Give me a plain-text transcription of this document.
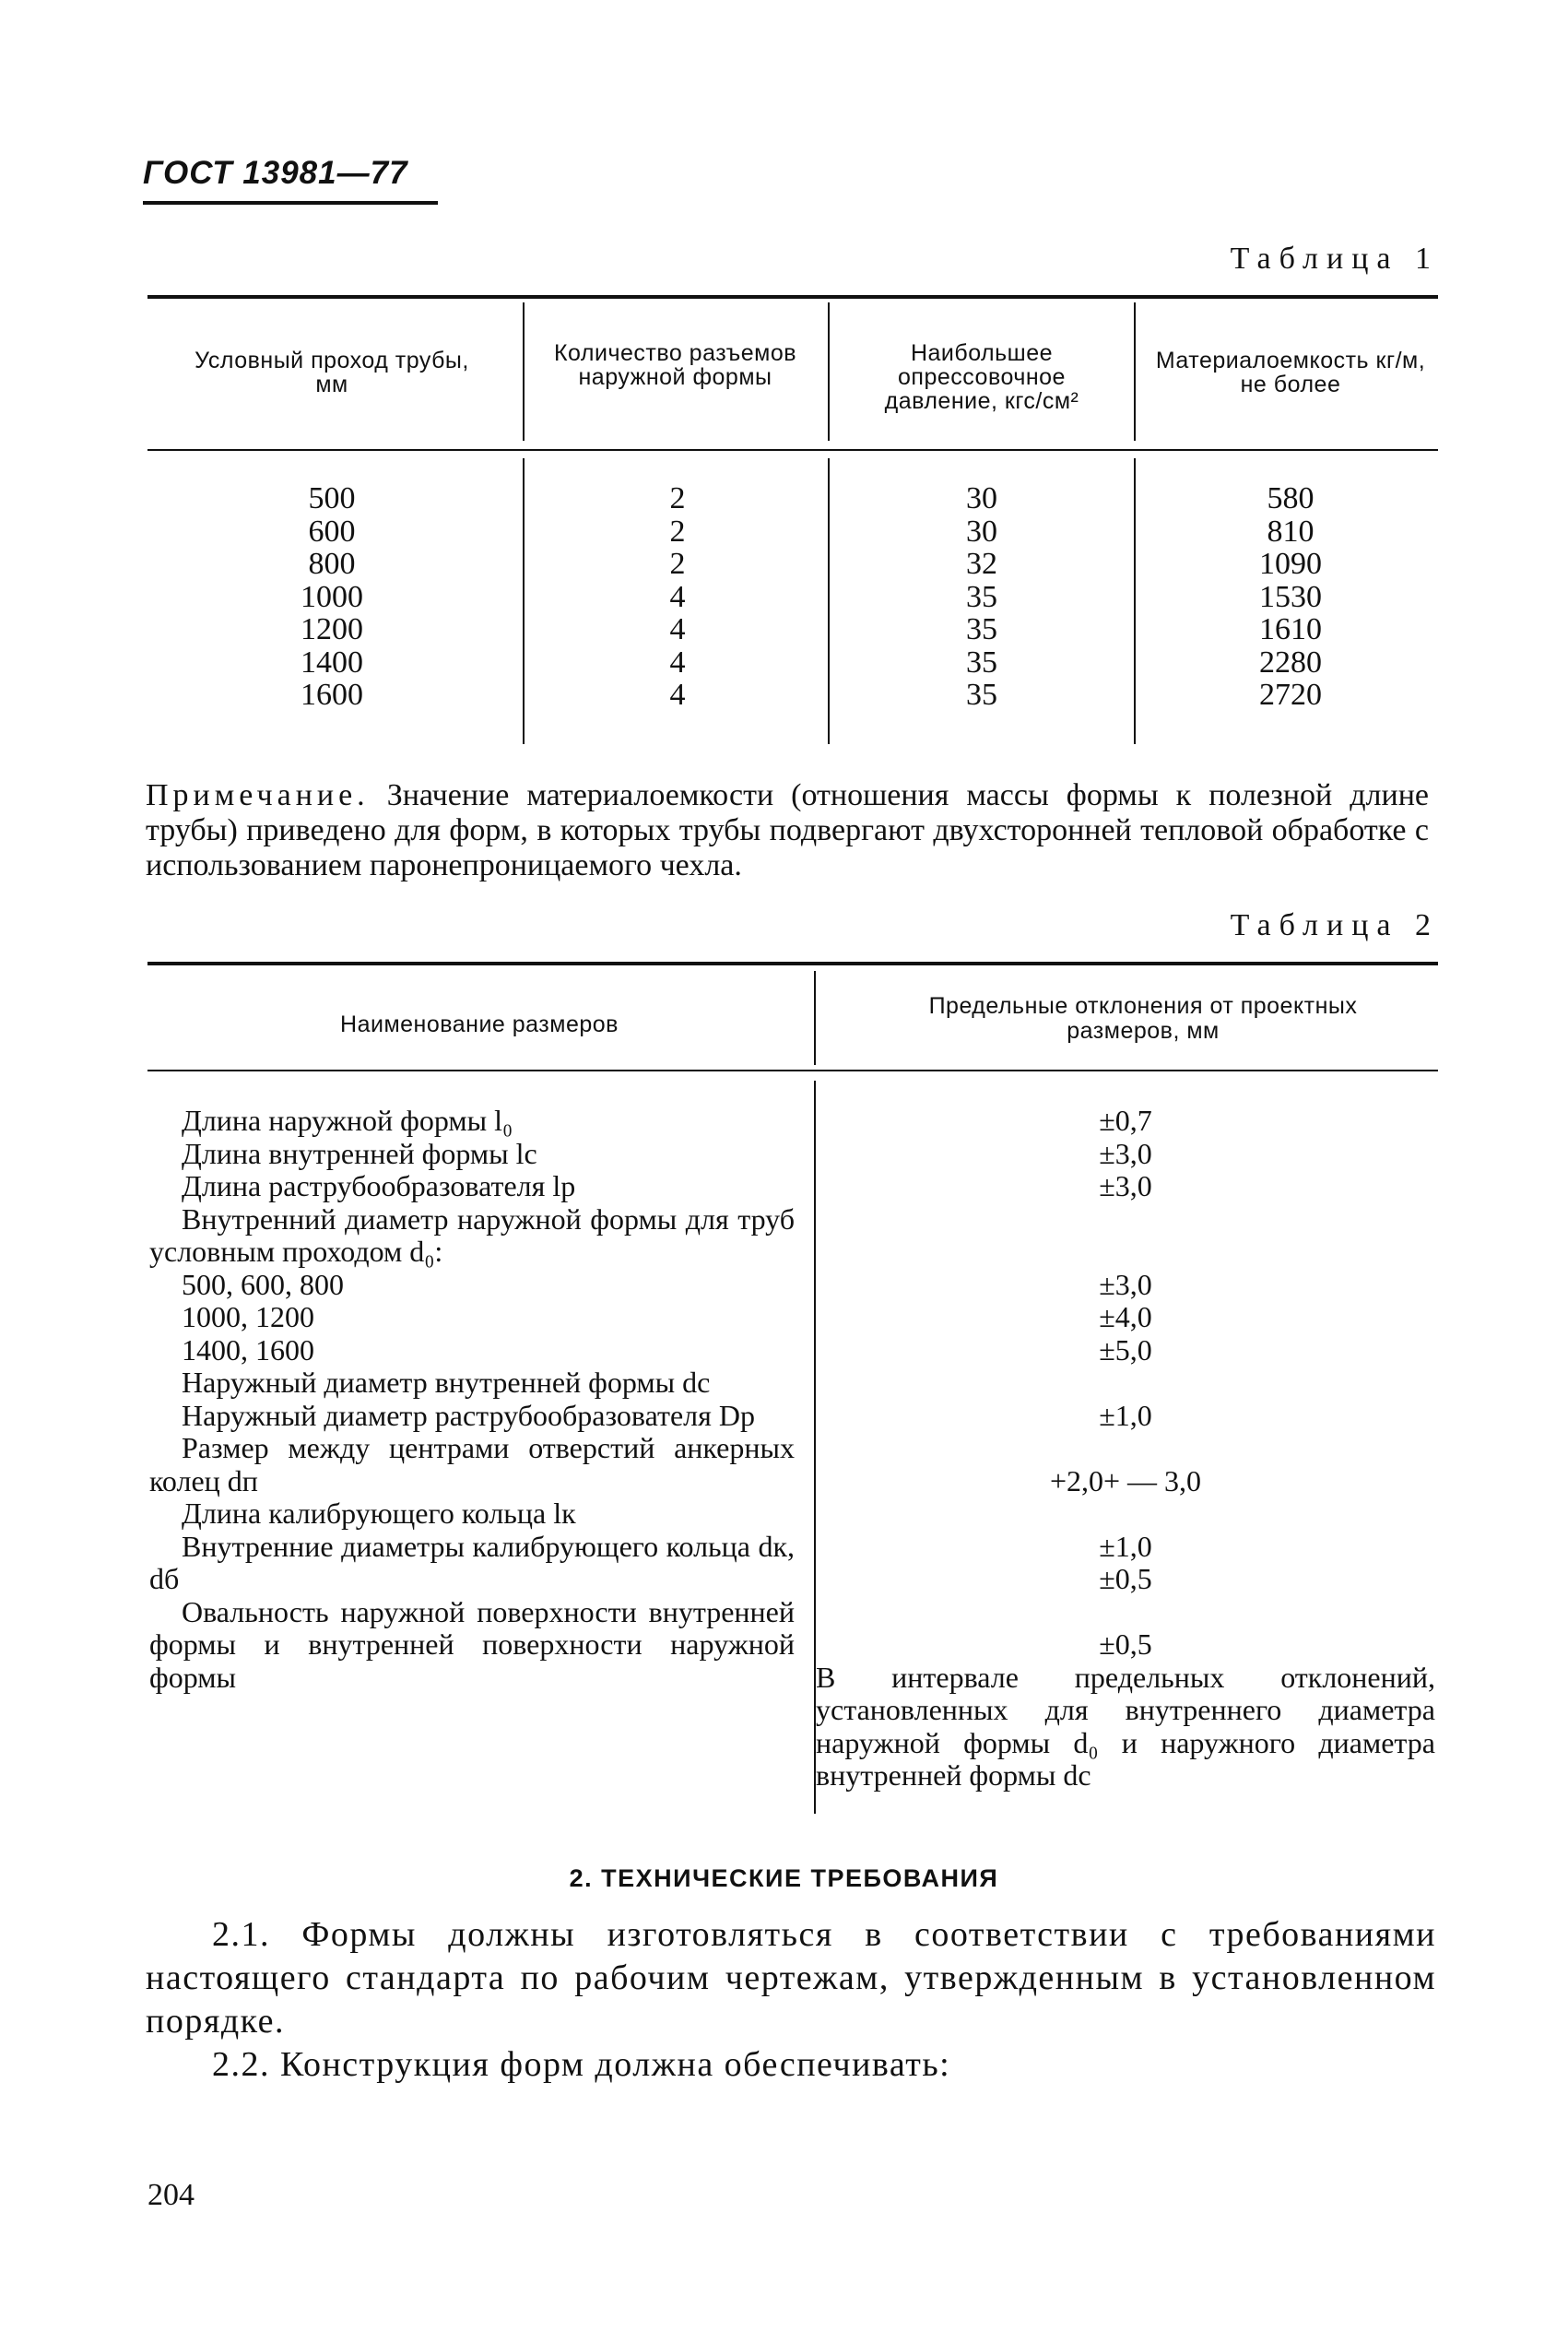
ГОСТ 13981—77
Таблица 1
Условный проход трубы, мм
Количество разъемов наружной формы
Наибольшее опрессовочное давление, кгс/см²
Материалоемкость кг/м, не более
500
600
800
1000
1200
1400
1600
2
2
2
4
4
4
4
30
30
32
35
35
35
35
580
810
1090
1530
1610
2280
2720
Примечание. Значение материалоемкости (отношения массы формы к полезной длине трубы) приведено для форм, в которых трубы подвергают двухсторонней тепловой обработке с использованием паронепроницаемого чехла.
Таблица 2
Наименование размеров
Предельные отклонения от проектных размеров, мм
Длина наружной формы l₀
Длина внутренней формы lс
Длина раструбообразователя lр
Внутренний диаметр наружной формы для труб условным проходом d₀:
500, 600, 800
1000, 1200
1400, 1600
Наружный диаметр внутренней формы dс
Наружный диаметр раструбообразователя Dр
Размер между центрами отверстий анкерных колец dп
Длина калибрующего кольца lк
Внутренние диаметры калибрующего кольца dк, dб
Овальность наружной поверхности внутренней формы и внутренней поверхности наружной формы
±0,7
±3,0
±3,0
±3,0
±4,0
±5,0
±1,0
+2,0+ — 3,0
±1,0
±0,5
±0,5
В интервале предельных отклонений, установленных для внутреннего диаметра наружной формы d₀ и наружного диаметра внутренней формы dс
2. ТЕХНИЧЕСКИЕ ТРЕБОВАНИЯ
2.1. Формы должны изготовляться в соответствии с требованиями настоящего стандарта по рабочим чертежам, утвержденным в установленном порядке.
2.2. Конструкция форм должна обеспечивать:
204
